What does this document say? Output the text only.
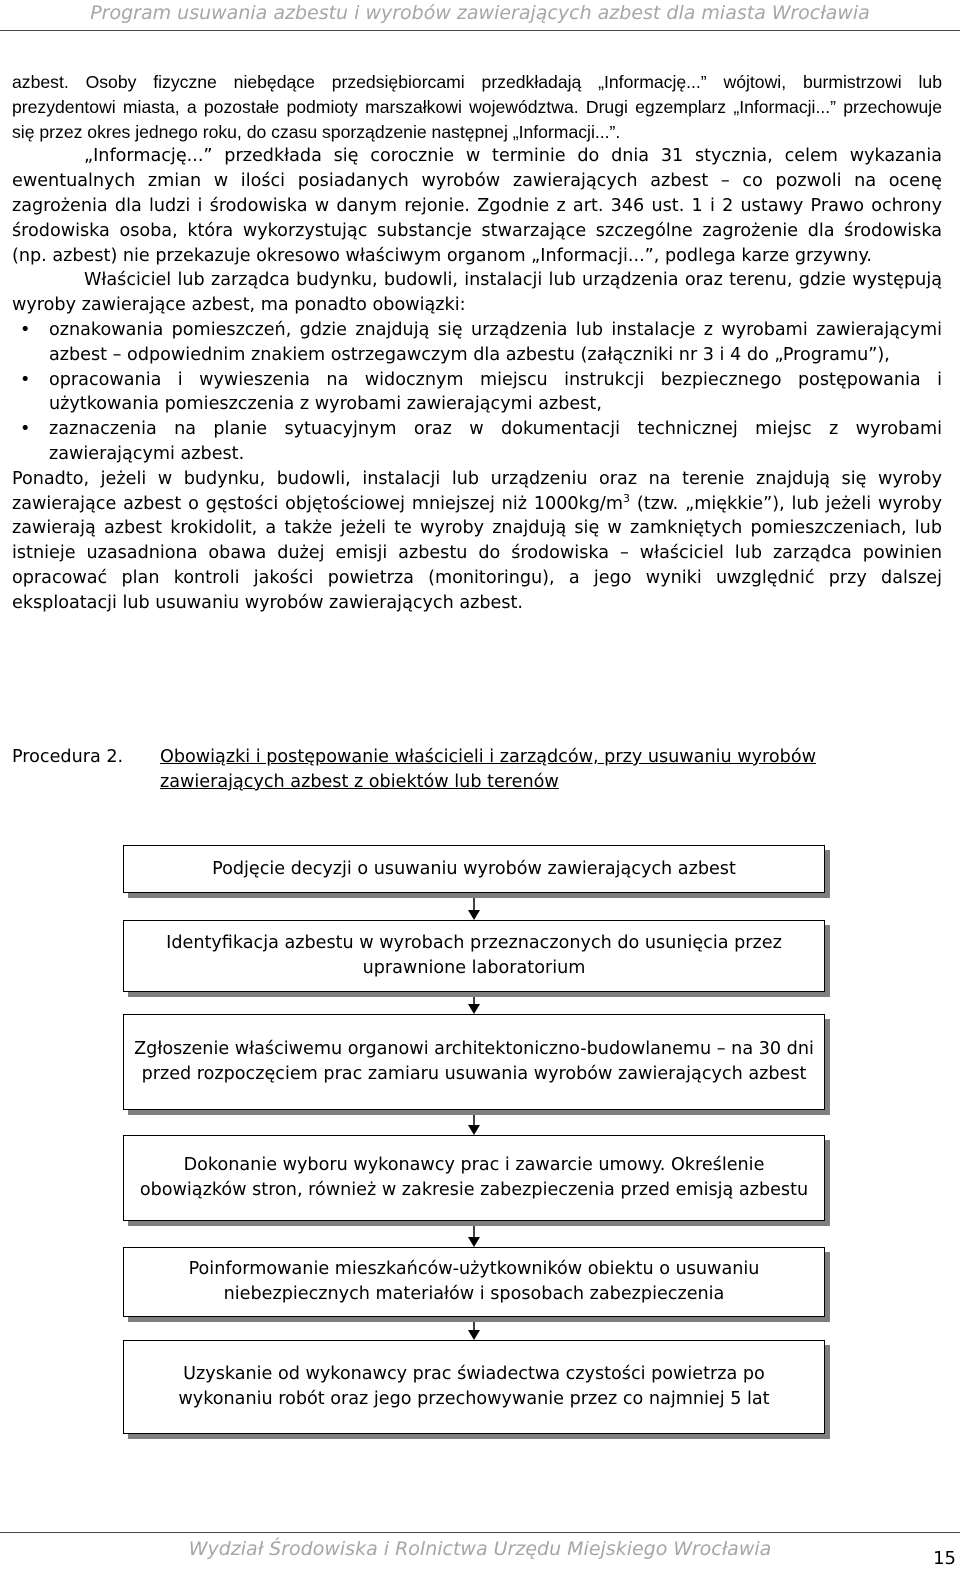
Program usuwania azbestu i wyrobów zawierających azbest dla miasta Wrocławia

azbest. Osoby fizyczne niebędące przedsiębiorcami przedkładają „Informację...” wójtowi, burmistrzowi lub prezydentowi miasta, a pozostałe podmioty marszałkowi województwa. Drugi egzemplarz „Informacji...” przechowuje się przez okres jednego roku, do czasu sporządzenie następnej „Informacji...”.

„Informację...” przedkłada się corocznie w terminie do dnia 31 stycznia, celem wykazania ewentualnych zmian w ilości posiadanych wyrobów zawierających azbest – co pozwoli na ocenę zagrożenia dla ludzi i środowiska w danym rejonie. Zgodnie z art. 346 ust. 1 i 2 ustawy Prawo ochrony środowiska osoba, która wykorzystując substancje stwarzające szczególne zagrożenie dla środowiska (np. azbest) nie przekazuje okresowo właściwym organom „Informacji...”, podlega karze grzywny.

Właściciel lub zarządca budynku, budowli, instalacji lub urządzenia oraz terenu, gdzie występują wyroby zawierające azbest, ma ponadto obowiązki:

• oznakowania pomieszczeń, gdzie znajdują się urządzenia lub instalacje z wyrobami zawierającymi azbest – odpowiednim znakiem ostrzegawczym dla azbestu (załączniki nr 3 i 4 do „Programu”),
• opracowania i wywieszenia na widocznym miejscu instrukcji bezpiecznego postępowania i użytkowania pomieszczenia z wyrobami zawierającymi azbest,
• zaznaczenia na planie sytuacyjnym oraz w dokumentacji technicznej miejsc z wyrobami zawierającymi azbest.

Ponadto, jeżeli w budynku, budowli, instalacji lub urządzeniu oraz na terenie znajdują się wyroby zawierające azbest o gęstości objętościowej mniejszej niż $1000kg/m^3$ (tzw. „miękkie”), lub jeżeli wyroby zawierają azbest krokidolit, a także jeżeli te wyroby znajdują się w zamkniętych pomieszczeniach, lub istnieje uzasadniona obawa dużej emisji azbestu do środowiska – właściciel lub zarządca powinien opracować plan kontroli jakości powietrza (monitoringu), a jego wyniki uwzględnić przy dalszej eksploatacji lub usuwaniu wyrobów zawierających azbest.

Procedura 2. Obowiązki i postępowanie właścicieli i zarządców, przy usuwaniu wyrobów zawierających azbest z obiektów lub terenów
Podjęcie decyzji o usuwaniu wyrobów zawierających azbest
Identyfikacja azbestu w wyrobach przeznaczonych do usunięcia przez uprawnione laboratorium
Zgłoszenie właściwemu organowi architektoniczno-budowlanemu – na 30 dni przed rozpoczęciem prac zamiaru usuwania wyrobów zawierających azbest
Dokonanie wyboru wykonawcy prac i zawarcie umowy. Określenie obowiązków stron, również w zakresie zabezpieczenia przed emisją azbestu
Poinformowanie mieszkańców-użytkowników obiektu o usuwaniu niebezpiecznych materiałów i sposobach zabezpieczenia
Uzyskanie od wykonawcy prac świadectwa czystości powietrza po wykonaniu robót oraz jego przechowywanie przez co najmniej 5 lat
Wydział Środowiska i Rolnictwa Urzędu Miejskiego Wrocławia	15
